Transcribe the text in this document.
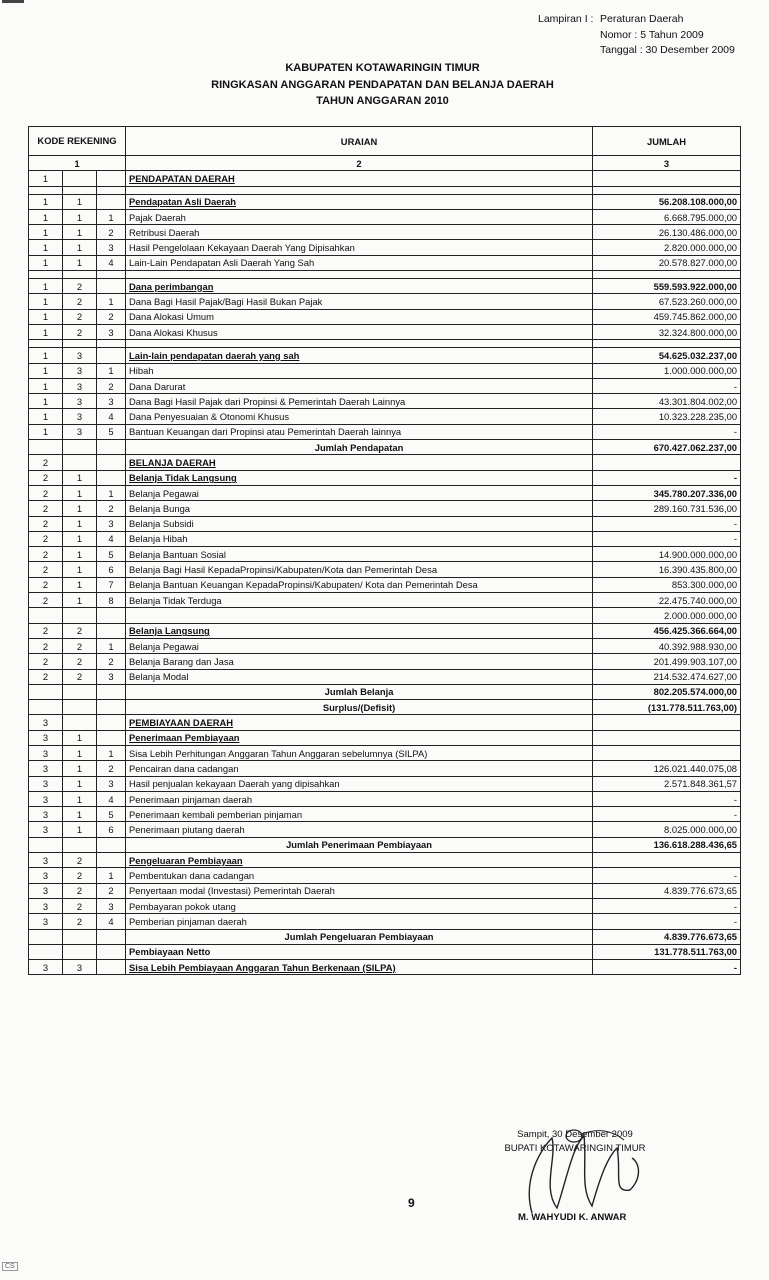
Lampiran I : Peraturan Daerah
Nomor : 5 Tahun 2009
Tanggal : 30 Desember 2009
KABUPATEN KOTAWARINGIN TIMUR
RINGKASAN ANGGARAN PENDAPATAN DAN BELANJA DAERAH
TAHUN ANGGARAN 2010
KODE REKENING			URAIAN	JUMLAH
1			2	3
1			PENDAPATAN DAERAH	

1	1		Pendapatan Asli Daerah	56.208.108.000,00
1	1	1	Pajak Daerah	6.668.795.000,00
1	1	2	Retribusi Daerah	26.130.486.000,00
1	1	3	Hasil Pengelolaan Kekayaan Daerah Yang Dipisahkan	2.820.000.000,00
1	1	4	Lain-Lain Pendapatan Asli Daerah Yang Sah	20.578.827.000,00

1	2		Dana perimbangan	559.593.922.000,00
1	2	1	Dana Bagi Hasil Pajak/Bagi Hasil Bukan Pajak	67.523.260.000,00
1	2	2	Dana Alokasi Umum	459.745.862.000,00
1	2	3	Dana Alokasi Khusus	32.324.800.000,00

1	3		Lain-lain pendapatan daerah yang sah	54.625.032.237,00
1	3	1	Hibah	1.000.000.000,00
1	3	2	Dana Darurat	-
1	3	3	Dana Bagi Hasil Pajak dari Propinsi & Pemerintah Daerah Lainnya	43.301.804.002,00
1	3	4	Dana Penyesuaian & Otonomi Khusus	10.323.228.235,00
1	3	5	Bantuan Keuangan dari Propinsi atau Pemerintah Daerah lainnya	-
			Jumlah Pendapatan	670.427.062.237,00
2			BELANJA DAERAH	
2	1		Belanja Tidak Langsung	-
2	1	1	Belanja Pegawai	345.780.207.336,00
2	1	2	Belanja Bunga	289.160.731.536,00
2	1	3	Belanja Subsidi	-
2	1	4	Belanja Hibah	-
2	1	5	Belanja Bantuan Sosial	14.900.000.000,00
2	1	6	Belanja Bagi Hasil KepadaPropinsi/Kabupaten/Kota dan Pemerintah Desa	16.390.435.800,00
2	1	7	Belanja Bantuan Keuangan KepadaPropinsi/Kabupaten/ Kota dan Pemerintah Desa	853.300.000,00
2	1	8	Belanja Tidak Terduga	22.475.740.000,00
				2.000.000.000,00
2	2		Belanja Langsung	456.425.366.664,00
2	2	1	Belanja Pegawai	40.392.988.930,00
2	2	2	Belanja Barang dan Jasa	201.499.903.107,00
2	2	3	Belanja Modal	214.532.474.627,00
			Jumlah Belanja	802.205.574.000,00
			Surplus/(Defisit)	(131.778.511.763,00)
3			PEMBIAYAAN DAERAH	
3	1		Penerimaan Pembiayaan	
3	1	1	Sisa Lebih Perhitungan Anggaran Tahun Anggaran sebelumnya (SILPA)	
3	1	2	Pencairan dana cadangan	126.021.440.075,08
3	1	3	Hasil penjualan kekayaan Daerah yang dipisahkan	2.571.848.361,57
3	1	4	Penerimaan pinjaman daerah	-
3	1	5	Penerimaan kembali pemberian pinjaman	-
3	1	6	Penerimaan piutang daerah	8.025.000.000,00
			Jumlah Penerimaan Pembiayaan	136.618.288.436,65
3	2		Pengeluaran Pembiayaan	
3	2	1	Pembentukan dana cadangan	-
3	2	2	Penyertaan modal (Investasi) Pemerintah Daerah	4.839.776.673,65
3	2	3	Pembayaran pokok utang	-
3	2	4	Pemberian pinjaman daerah	-
			Jumlah Pengeluaran Pembiayaan	4.839.776.673,65
			Pembiayaan Netto	131.778.511.763,00
3	3		Sisa Lebih Pembiayaan Anggaran Tahun Berkenaan (SILPA)	-
Sampit, 30 Desember 2009
BUPATI KOTAWARINGIN TIMUR
M. WAHYUDI K. ANWAR
9
CS
